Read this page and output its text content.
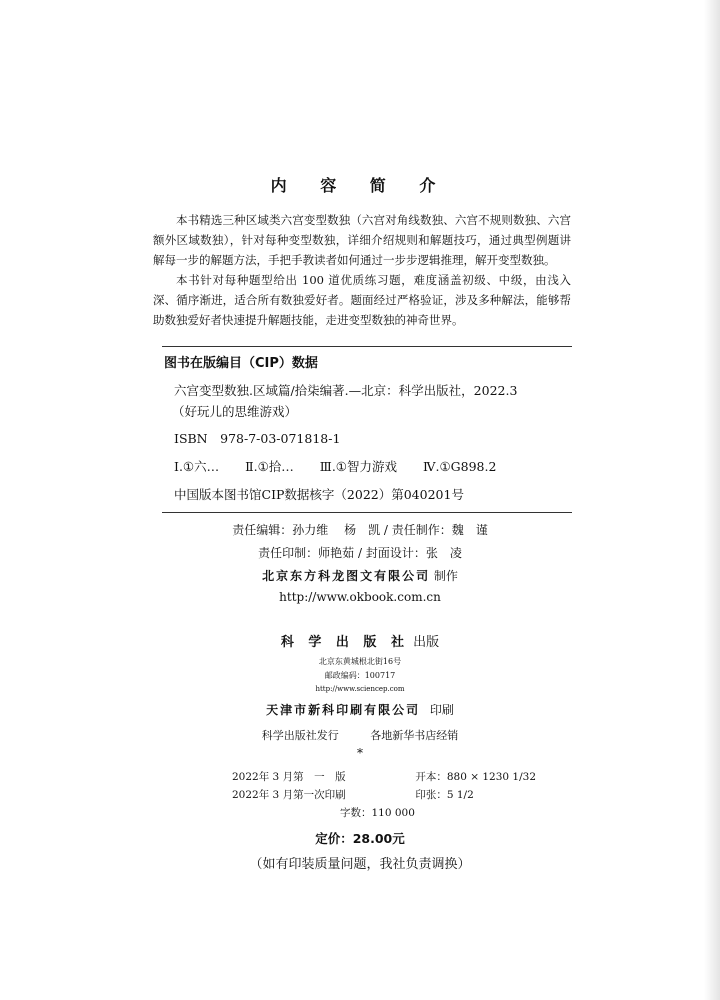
内 容 简 介

本书精选三种区域类六宫变型数独（六宫对角线数独、六宫不规则数独、六宫额外区域数独），针对每种变型数独，详细介绍规则和解题技巧，通过典型例题讲解每一步的解题方法，手把手教读者如何通过一步步逻辑推理，解开变型数独。

本书针对每种题型给出 100 道优质练习题，难度涵盖初级、中级，由浅入深、循序渐进，适合所有数独爱好者。题面经过严格验证，涉及多种解法，能够帮助数独爱好者快速提升解题技能，走进变型数独的神奇世界。

图书在版编目（CIP）数据
六宫变型数独.区域篇/拾柒编著.—北京：科学出版社，2022.3
（好玩儿的思维游戏）
ISBN　978-7-03-071818-1
Ⅰ.①六… Ⅱ.①拾… Ⅲ.①智力游戏 Ⅳ.①G898.2
中国版本图书馆CIP数据核字（2022）第040201号
责任编辑：孙力维　 杨　凯 / 责任制作：魏　谨
责任印制：师艳茹 / 封面设计：张　凌
北京东方科龙图文有限公司 制作
http://www.okbook.com.cn
科 学 出 版 社 出版
北京东黄城根北街16号
邮政编码：100717
http://www.sciencep.com
天津市新科印刷有限公司 印刷
科学出版社发行	各地新华书店经销
*
2022年 3 月第　一　版	开本：880 × 1230 1/32
2022年 3 月第一次印刷	印张：5 1/2
字数：110 000
定价：28.00元
（如有印装质量问题，我社负责调换）
